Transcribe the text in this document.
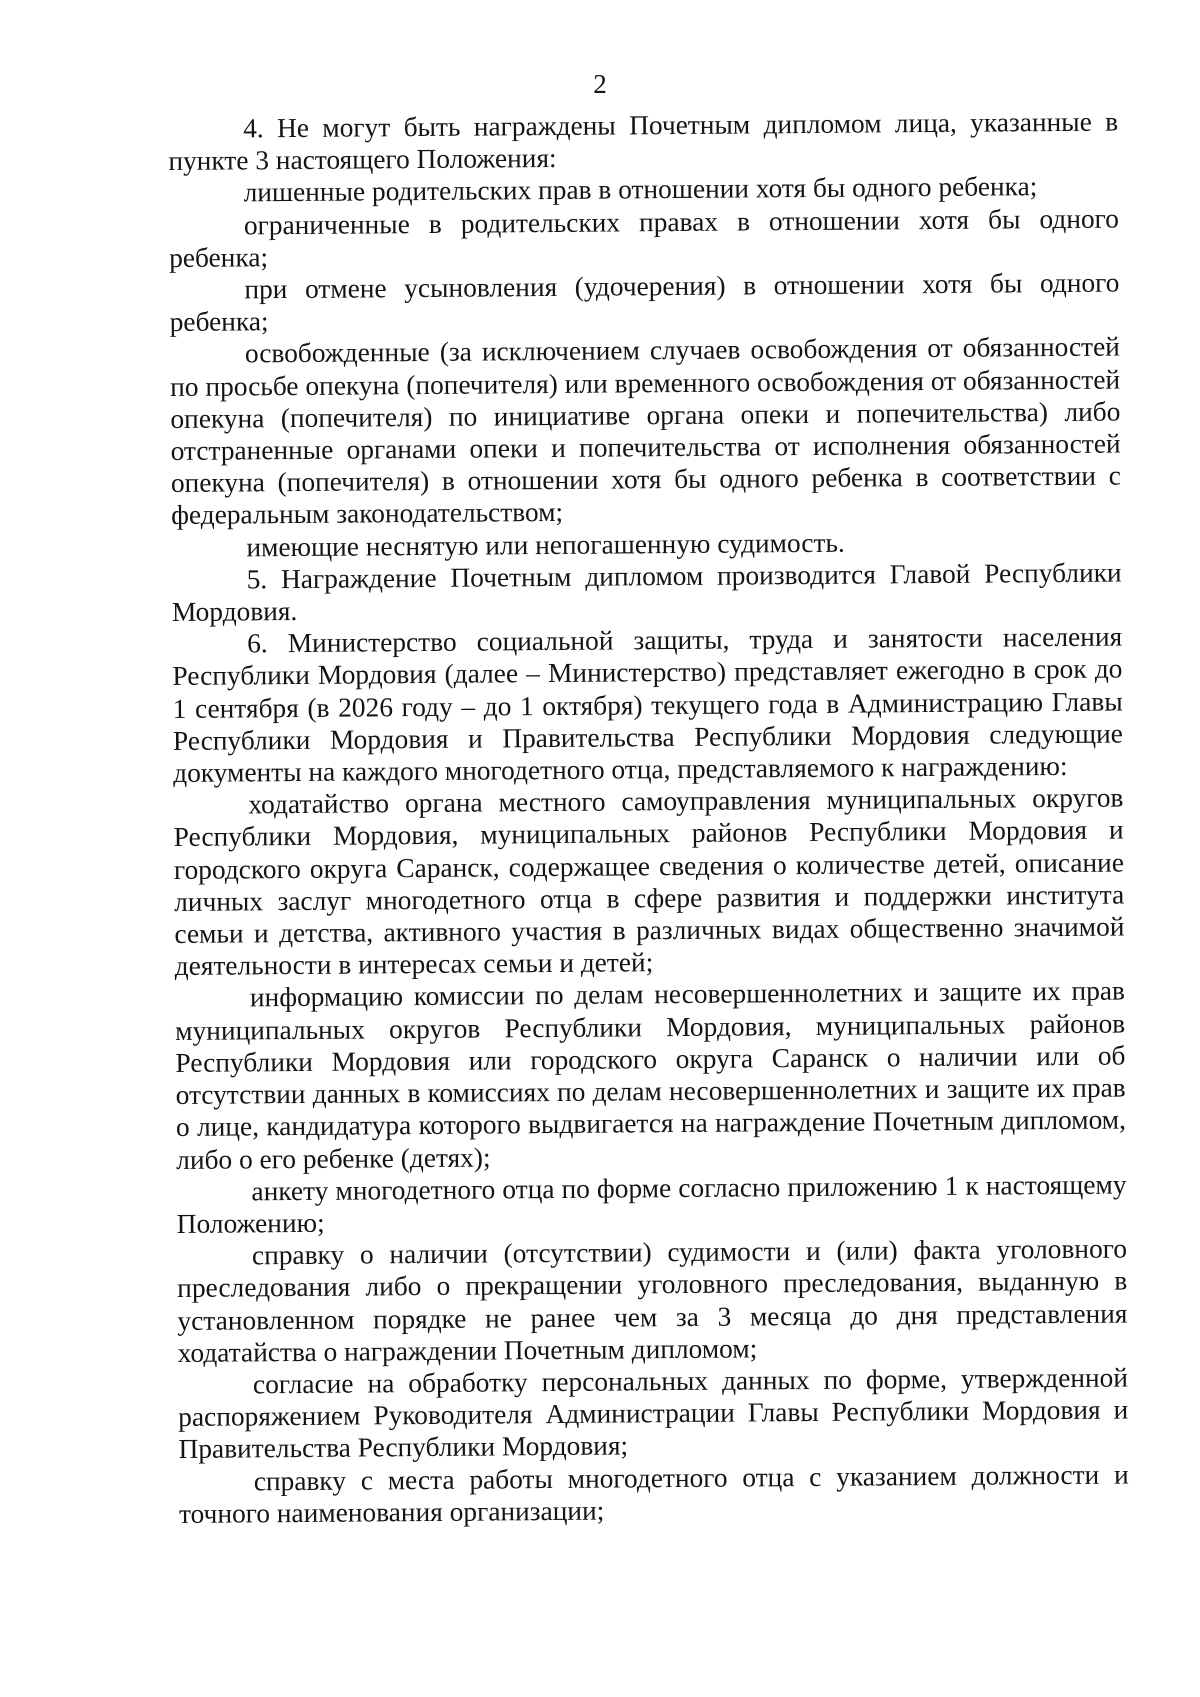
2

4. Не могут быть награждены Почетным дипломом лица, указанные в пункте 3 настоящего Положения:

лишенные родительских прав в отношении хотя бы одного ребенка;

ограниченные в родительских правах в отношении хотя бы одного ребенка;

при отмене усыновления (удочерения) в отношении хотя бы одного ребенка;

освобожденные (за исключением случаев освобождения от обязанностей по просьбе опекуна (попечителя) или временного освобождения от обязанностей опекуна (попечителя) по инициативе органа опеки и попечительства) либо отстраненные органами опеки и попечительства от исполнения обязанностей опекуна (попечителя) в отношении хотя бы одного ребенка в соответствии с федеральным законодательством;

имеющие неснятую или непогашенную судимость.

5. Награждение Почетным дипломом производится Главой Республики Мордовия.

6. Министерство социальной защиты, труда и занятости населения Республики Мордовия (далее – Министерство) представляет ежегодно в срок до 1 сентября (в 2026 году – до 1 октября) текущего года в Администрацию Главы Республики Мордовия и Правительства Республики Мордовия следующие документы на каждого многодетного отца, представляемого к награждению:

ходатайство органа местного самоуправления муниципальных округов Республики Мордовия, муниципальных районов Республики Мордовия и городского округа Саранск, содержащее сведения о количестве детей, описание личных заслуг многодетного отца в сфере развития и поддержки института семьи и детства, активного участия в различных видах общественно значимой деятельности в интересах семьи и детей;

информацию комиссии по делам несовершеннолетних и защите их прав муниципальных округов Республики Мордовия, муниципальных районов Республики Мордовия или городского округа Саранск о наличии или об отсутствии данных в комиссиях по делам несовершеннолетних и защите их прав о лице, кандидатура которого выдвигается на награждение Почетным дипломом, либо о его ребенке (детях);

анкету многодетного отца по форме согласно приложению 1 к настоящему Положению;

справку о наличии (отсутствии) судимости и (или) факта уголовного преследования либо о прекращении уголовного преследования, выданную в установленном порядке не ранее чем за 3 месяца до дня представления ходатайства о награждении Почетным дипломом;

согласие на обработку персональных данных по форме, утвержденной распоряжением Руководителя Администрации Главы Республики Мордовия и Правительства Республики Мордовия;

справку с места работы многодетного отца с указанием должности и точного наименования организации;
